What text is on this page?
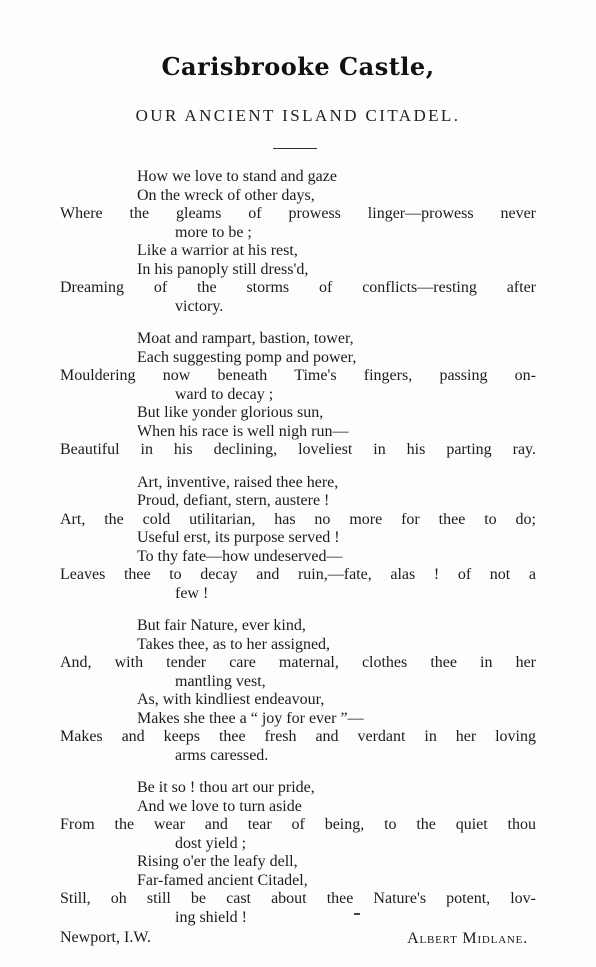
Carisbrooke Castle,
OUR ANCIENT ISLAND CITADEL.
How we love to stand and gaze
On the wreck of other days,
Where the gleams of prowess linger—prowess never
more to be ;
Like a warrior at his rest,
In his panoply still dress'd,
Dreaming of the storms of conflicts—resting after
victory.
Moat and rampart, bastion, tower,
Each suggesting pomp and power,
Mouldering now beneath Time's fingers, passing on-
ward to decay ;
But like yonder glorious sun,
When his race is well nigh run—
Beautiful in his declining, loveliest in his parting ray.
Art, inventive, raised thee here,
Proud, defiant, stern, austere !
Art, the cold utilitarian, has no more for thee to do;
Useful erst, its purpose served !
To thy fate—how undeserved—
Leaves thee to decay and ruin,—fate, alas ! of not a
few !
But fair Nature, ever kind,
Takes thee, as to her assigned,
And, with tender care maternal, clothes thee in her
mantling vest,
As, with kindliest endeavour,
Makes she thee a “ joy for ever ”—
Makes and keeps thee fresh and verdant in her loving
arms caressed.
Be it so ! thou art our pride,
And we love to turn aside
From the wear and tear of being, to the quiet thou
dost yield ;
Rising o'er the leafy dell,
Far-famed ancient Citadel,
Still, oh still be cast about thee Nature's potent, lov-
ing shield !
Newport, I.W.	Albert Midlane.
